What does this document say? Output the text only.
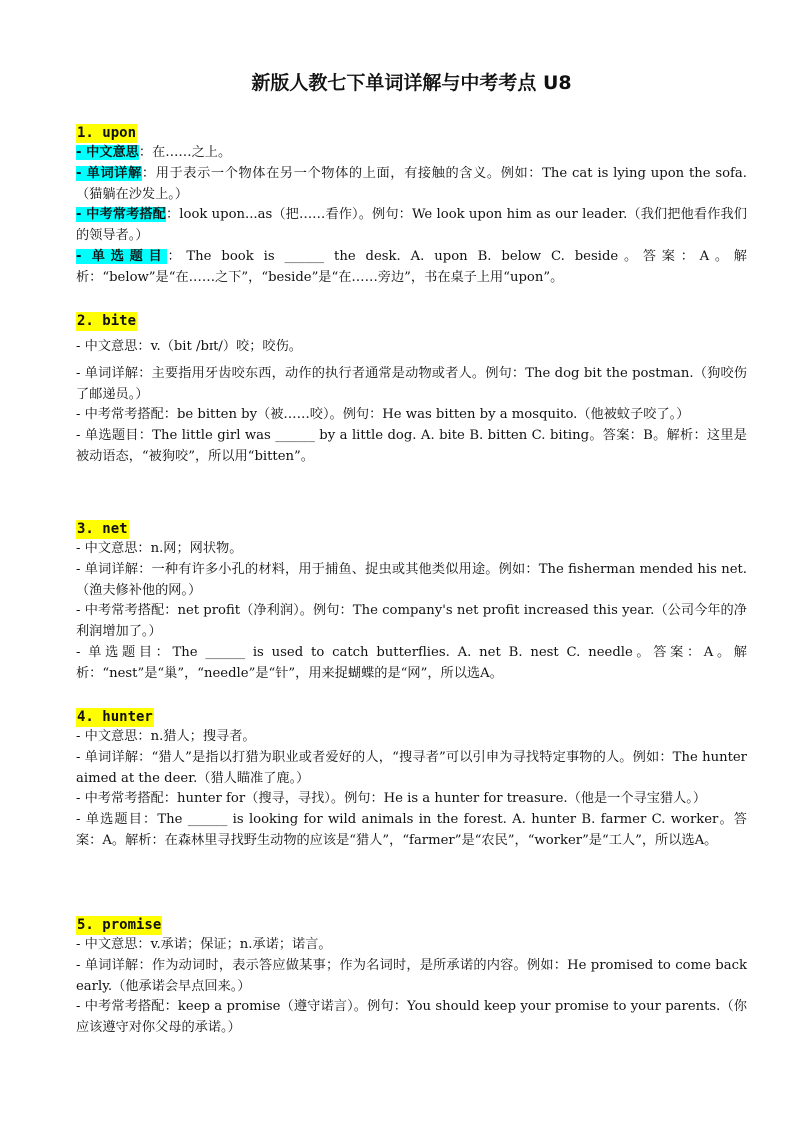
新版人教七下单词详解与中考考点 U8
1. upon

- 中文意思：在……之上。

- 单词详解：用于表示一个物体在另一个物体的上面，有接触的含义。例如：The cat is lying upon the sofa.（猫躺在沙发上。）

- 中考常考搭配：look upon...as（把……看作）。例句：We look upon him as our leader.（我们把他看作我们的领导者。）

- 单选题目：The book is ______ the desk. A. upon B. below C. beside。答案：A。解析：“below”是“在……之下”，“beside”是“在……旁边”，书在桌子上用“upon”。

2. bite

- 中文意思：v.（bit /bɪt/）咬；咬伤。

- 单词详解：主要指用牙齿咬东西，动作的执行者通常是动物或者人。例句：The dog bit the postman.（狗咬伤了邮递员。）

- 中考常考搭配：be bitten by（被……咬）。例句：He was bitten by a mosquito.（他被蚊子咬了。）

- 单选题目：The little girl was ______ by a little dog. A. bite B. bitten C. biting。答案：B。解析：这里是被动语态，“被狗咬”，所以用“bitten”。

3. net

- 中文意思：n.网；网状物。

- 单词详解：一种有许多小孔的材料，用于捕鱼、捉虫或其他类似用途。例如：The fisherman mended his net.（渔夫修补他的网。）

- 中考常考搭配：net profit（净利润）。例句：The company's net profit increased this year.（公司今年的净利润增加了。）

- 单选题目：The ______ is used to catch butterflies. A. net B. nest C. needle。答案：A。解析：“nest”是“巢”，“needle”是“针”，用来捉蝴蝶的是“网”，所以选A。

4. hunter

- 中文意思：n.猎人；搜寻者。

- 单词详解：“猎人”是指以打猎为职业或者爱好的人，“搜寻者”可以引申为寻找特定事物的人。例如：The hunter aimed at the deer.（猎人瞄准了鹿。）

- 中考常考搭配：hunter for（搜寻，寻找）。例句：He is a hunter for treasure.（他是一个寻宝猎人。）

- 单选题目：The ______ is looking for wild animals in the forest. A. hunter B. farmer C. worker。答案：A。解析：在森林里寻找野生动物的应该是“猎人”，“farmer”是“农民”，“worker”是“工人”，所以选A。

5. promise

- 中文意思：v.承诺；保证；n.承诺；诺言。

- 单词详解：作为动词时，表示答应做某事；作为名词时，是所承诺的内容。例如：He promised to come back early.（他承诺会早点回来。）

- 中考常考搭配：keep a promise（遵守诺言）。例句：You should keep your promise to your parents.（你应该遵守对你父母的承诺。）
